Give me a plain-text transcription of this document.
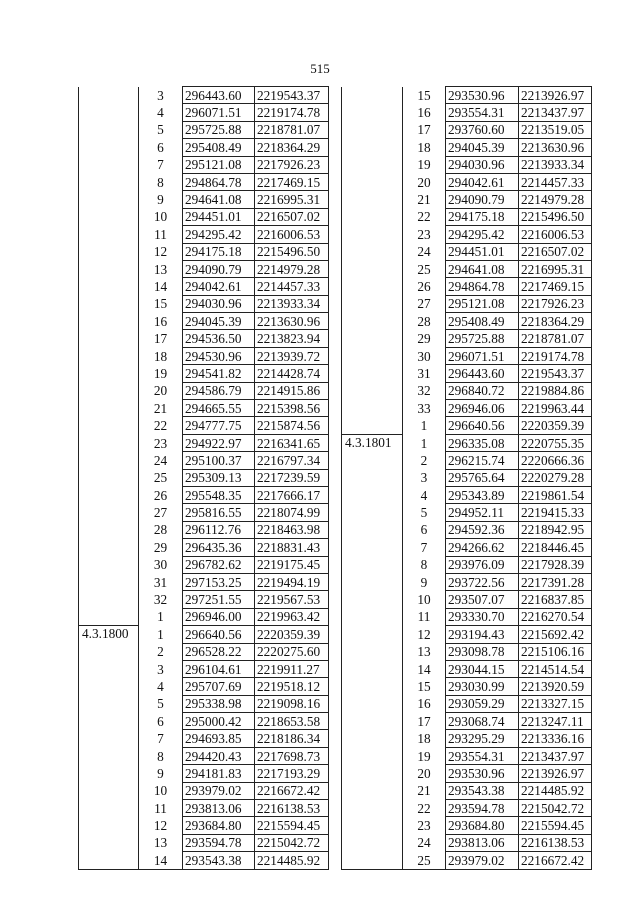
515
	3	296443.60	2219543.37
	4	296071.51	2219174.78
	5	295725.88	2218781.07
	6	295408.49	2218364.29
	7	295121.08	2217926.23
	8	294864.78	2217469.15
	9	294641.08	2216995.31
	10	294451.01	2216507.02
	11	294295.42	2216006.53
	12	294175.18	2215496.50
	13	294090.79	2214979.28
	14	294042.61	2214457.33
	15	294030.96	2213933.34
	16	294045.39	2213630.96
	17	294536.50	2213823.94
	18	294530.96	2213939.72
	19	294541.82	2214428.74
	20	294586.79	2214915.86
	21	294665.55	2215398.56
	22	294777.75	2215874.56
	23	294922.97	2216341.65
	24	295100.37	2216797.34
	25	295309.13	2217239.59
	26	295548.35	2217666.17
	27	295816.55	2218074.99
	28	296112.76	2218463.98
	29	296435.36	2218831.43
	30	296782.62	2219175.45
	31	297153.25	2219494.19
	32	297251.55	2219567.53
	1	296946.00	2219963.42
4.3.1800	1	296640.56	2220359.39
	2	296528.22	2220275.60
	3	296104.61	2219911.27
	4	295707.69	2219518.12
	5	295338.98	2219098.16
	6	295000.42	2218653.58
	7	294693.85	2218186.34
	8	294420.43	2217698.73
	9	294181.83	2217193.29
	10	293979.02	2216672.42
	11	293813.06	2216138.53
	12	293684.80	2215594.45
	13	293594.78	2215042.72
	14	293543.38	2214485.92
	15	293530.96	2213926.97
	16	293554.31	2213437.97
	17	293760.60	2213519.05
	18	294045.39	2213630.96
	19	294030.96	2213933.34
	20	294042.61	2214457.33
	21	294090.79	2214979.28
	22	294175.18	2215496.50
	23	294295.42	2216006.53
	24	294451.01	2216507.02
	25	294641.08	2216995.31
	26	294864.78	2217469.15
	27	295121.08	2217926.23
	28	295408.49	2218364.29
	29	295725.88	2218781.07
	30	296071.51	2219174.78
	31	296443.60	2219543.37
	32	296840.72	2219884.86
	33	296946.06	2219963.44
	1	296640.56	2220359.39
4.3.1801	1	296335.08	2220755.35
	2	296215.74	2220666.36
	3	295765.64	2220279.28
	4	295343.89	2219861.54
	5	294952.11	2219415.33
	6	294592.36	2218942.95
	7	294266.62	2218446.45
	8	293976.09	2217928.39
	9	293722.56	2217391.28
	10	293507.07	2216837.85
	11	293330.70	2216270.54
	12	293194.43	2215692.42
	13	293098.78	2215106.16
	14	293044.15	2214514.54
	15	293030.99	2213920.59
	16	293059.29	2213327.15
	17	293068.74	2213247.11
	18	293295.29	2213336.16
	19	293554.31	2213437.97
	20	293530.96	2213926.97
	21	293543.38	2214485.92
	22	293594.78	2215042.72
	23	293684.80	2215594.45
	24	293813.06	2216138.53
	25	293979.02	2216672.42
